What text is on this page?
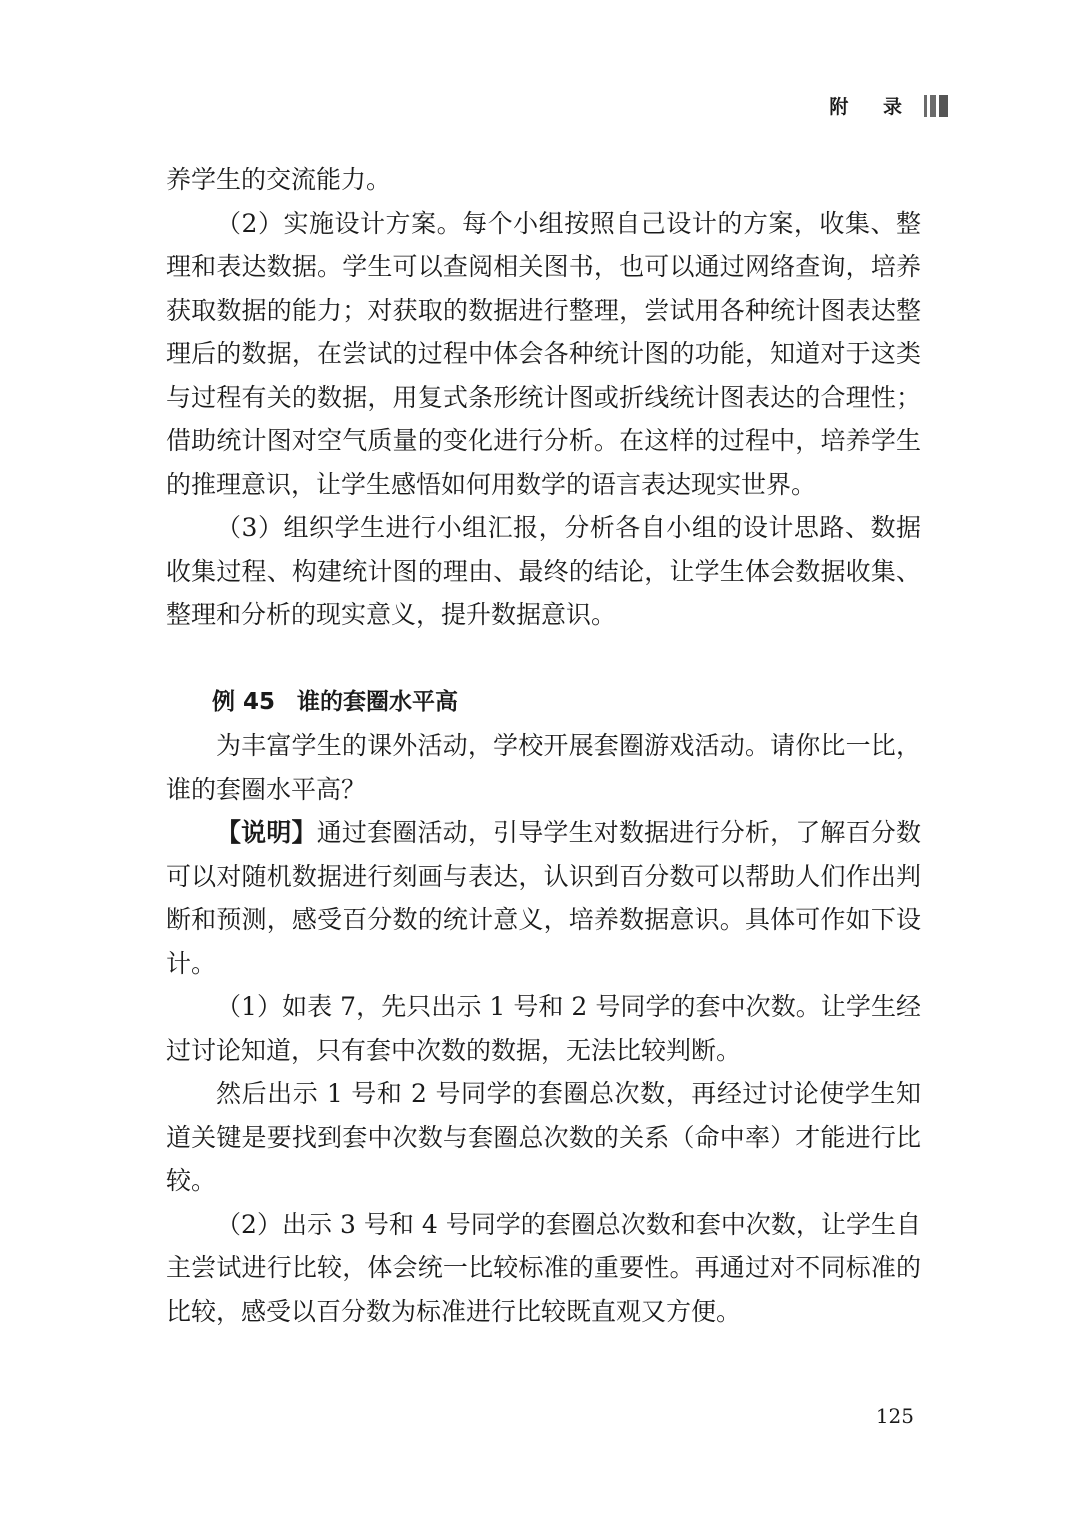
附 录

养学生的交流能力。

（2）实施设计方案。每个小组按照自己设计的方案，收集、整理和表达数据。学生可以查阅相关图书，也可以通过网络查询，培养获取数据的能力；对获取的数据进行整理，尝试用各种统计图表达整理后的数据，在尝试的过程中体会各种统计图的功能，知道对于这类与过程有关的数据，用复式条形统计图或折线统计图表达的合理性；借助统计图对空气质量的变化进行分析。在这样的过程中，培养学生的推理意识，让学生感悟如何用数学的语言表达现实世界。

（3）组织学生进行小组汇报，分析各自小组的设计思路、数据收集过程、构建统计图的理由、最终的结论，让学生体会数据收集、整理和分析的现实意义，提升数据意识。

例 45 谁的套圈水平高

为丰富学生的课外活动，学校开展套圈游戏活动。请你比一比，谁的套圈水平高？

【说明】通过套圈活动，引导学生对数据进行分析，了解百分数可以对随机数据进行刻画与表达，认识到百分数可以帮助人们作出判断和预测，感受百分数的统计意义，培养数据意识。具体可作如下设计。

（1）如表 7，先只出示 1 号和 2 号同学的套中次数。让学生经过讨论知道，只有套中次数的数据，无法比较判断。

然后出示 1 号和 2 号同学的套圈总次数，再经过讨论使学生知道关键是要找到套中次数与套圈总次数的关系（命中率）才能进行比较。

（2）出示 3 号和 4 号同学的套圈总次数和套中次数，让学生自主尝试进行比较，体会统一比较标准的重要性。再通过对不同标准的比较，感受以百分数为标准进行比较既直观又方便。

125
